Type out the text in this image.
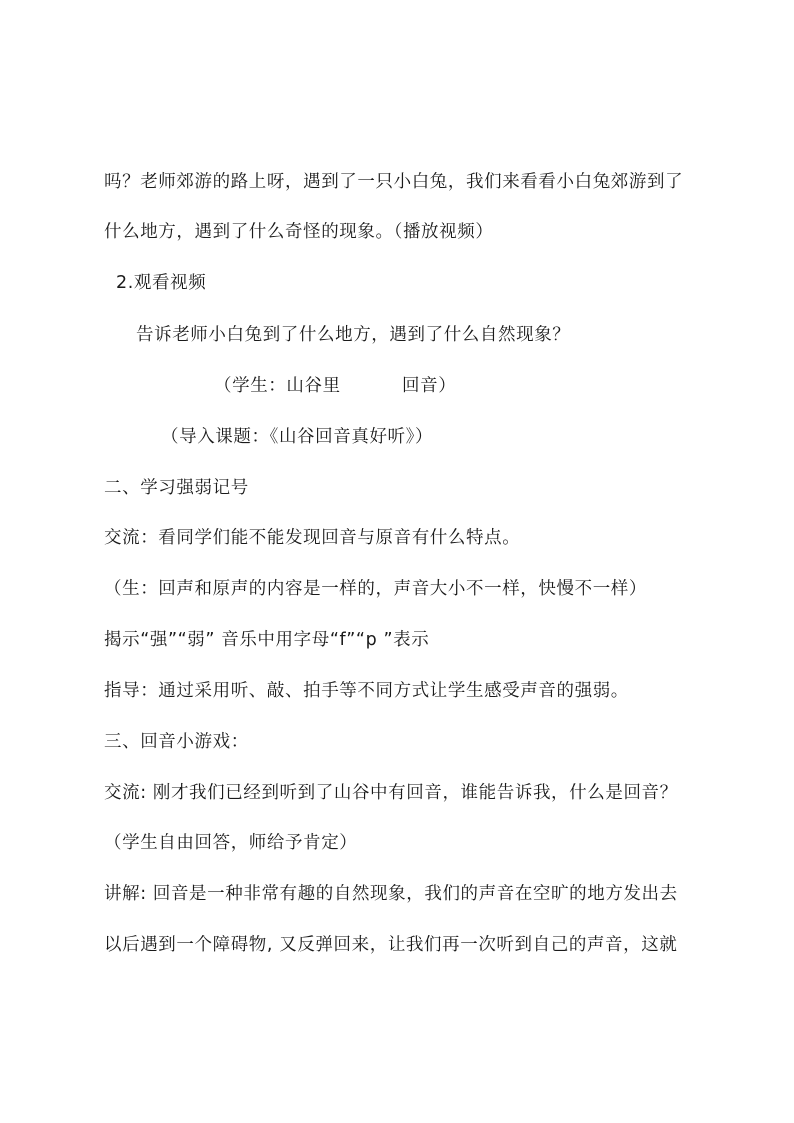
吗？老师郊游的路上呀，遇到了一只小白兔，我们来看看小白兔郊游到了
什么地方，遇到了什么奇怪的现象。（播放视频）
2.观看视频
告诉老师小白兔到了什么地方，遇到了什么自然现象？
（学生：山谷里	回音）
（导入课题：《山谷回音真好听》）
二、学习强弱记号
交流：看同学们能不能发现回音与原音有什么特点。
（生：回声和原声的内容是一样的，声音大小不一样，快慢不一样）
揭示“强”“弱” 音乐中用字母“f”“p ”表示
指导：通过采用听、敲、拍手等不同方式让学生感受声音的强弱。
三、回音小游戏：
交流: 刚才我们已经到听到了山谷中有回音，谁能告诉我，什么是回音？
（学生自由回答，师给予肯定）
讲解: 回音是一种非常有趣的自然现象，我们的声音在空旷的地方发出去
以后遇到一个障碍物, 又反弹回来，让我们再一次听到自己的声音，这就
